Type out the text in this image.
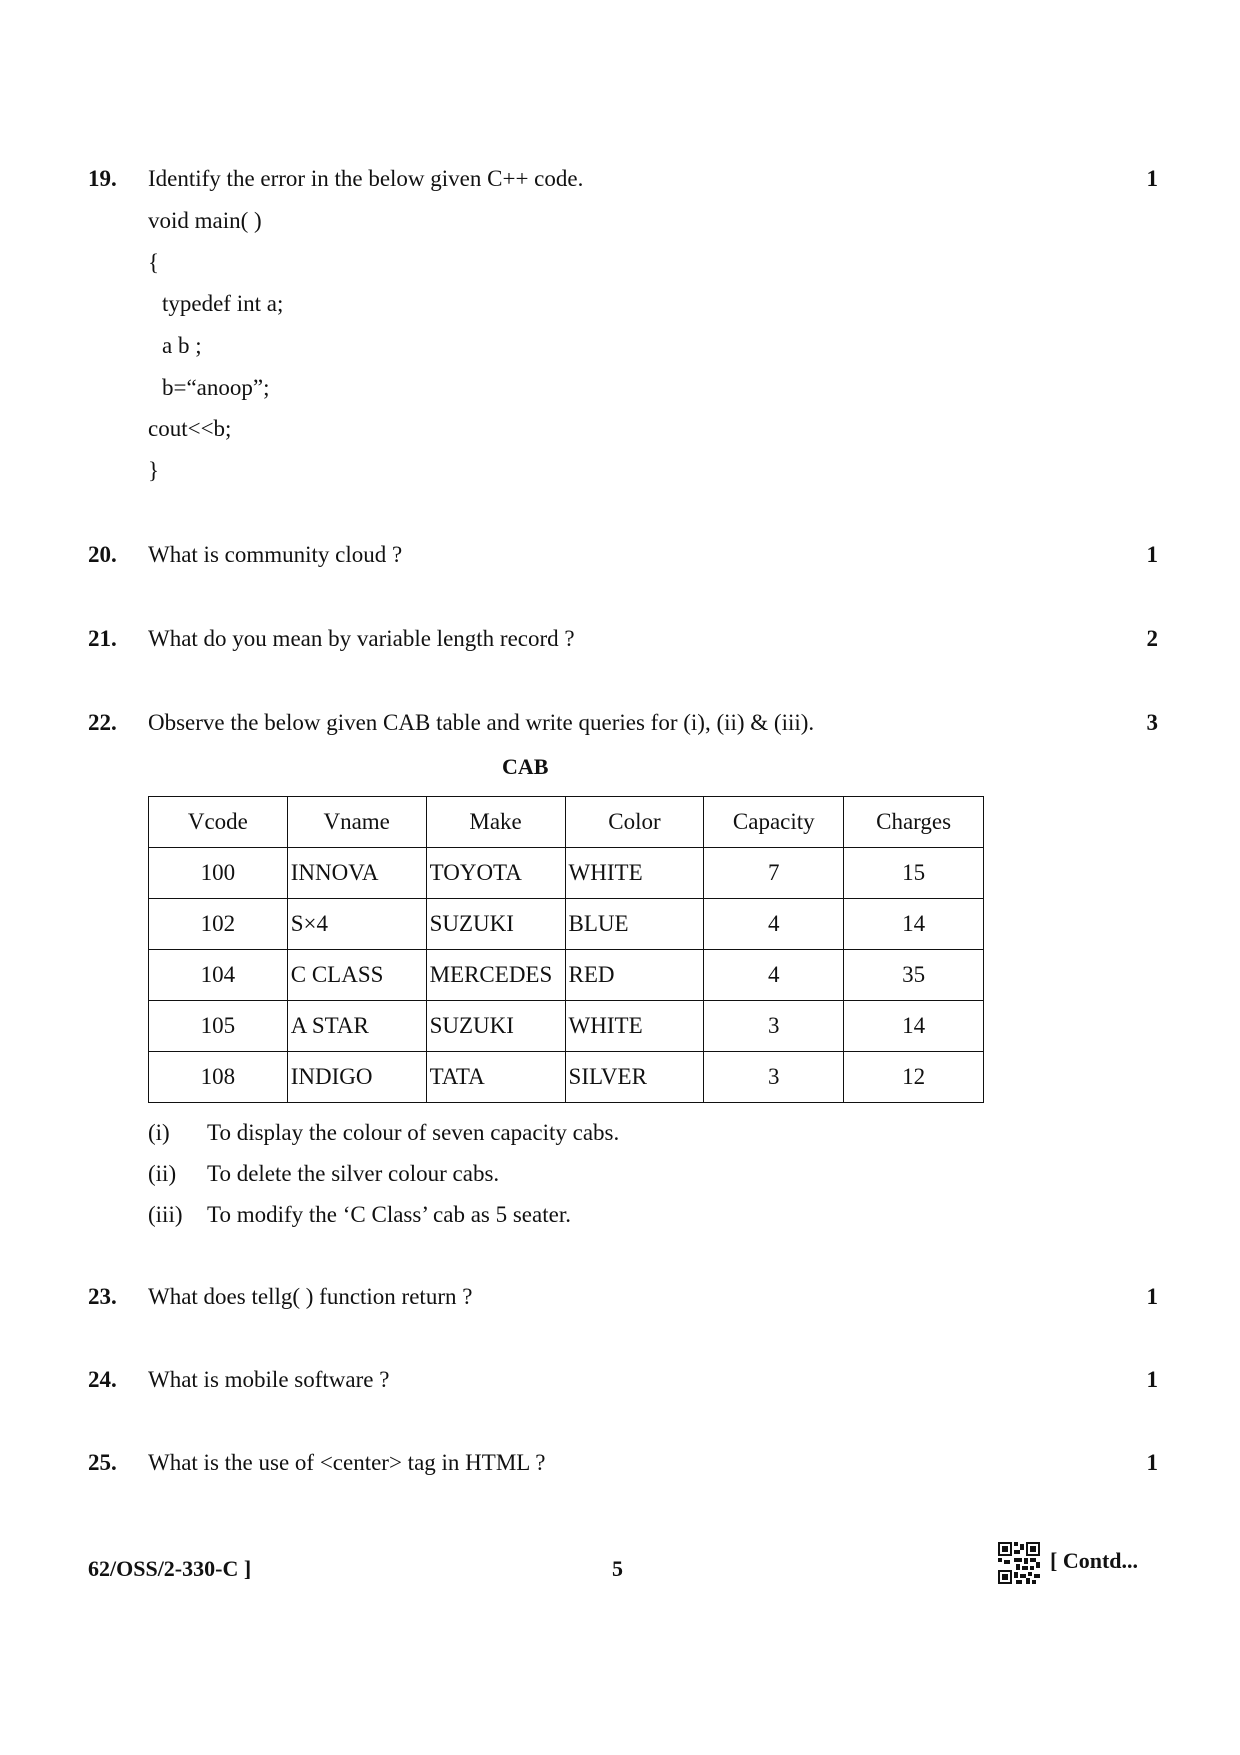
19. Identify the error in the below given C++ code.	1
void main( )
{
typedef int a;
a b ;
b=“anoop”;
cout<<b;
}
20. What is community cloud ?	1
21. What do you mean by variable length record ?	2
22. Observe the below given CAB table and write queries for (i), (ii) & (iii).	3
CAB
Vcode	Vname	Make	Color	Capacity	Charges
100	INNOVA	TOYOTA	WHITE	7	15
102	S×4	SUZUKI	BLUE	4	14
104	C CLASS	MERCEDES	RED	4	35
105	A STAR	SUZUKI	WHITE	3	14
108	INDIGO	TATA	SILVER	3	12
(i) To display the colour of seven capacity cabs.
(ii) To delete the silver colour cabs.
(iii) To modify the ‘C Class’ cab as 5 seater.
23. What does tellg( ) function return ?	1
24. What is mobile software ?	1
25. What is the use of <center> tag in HTML ?	1
62/OSS/2-330-C ]	5	[ Contd...
